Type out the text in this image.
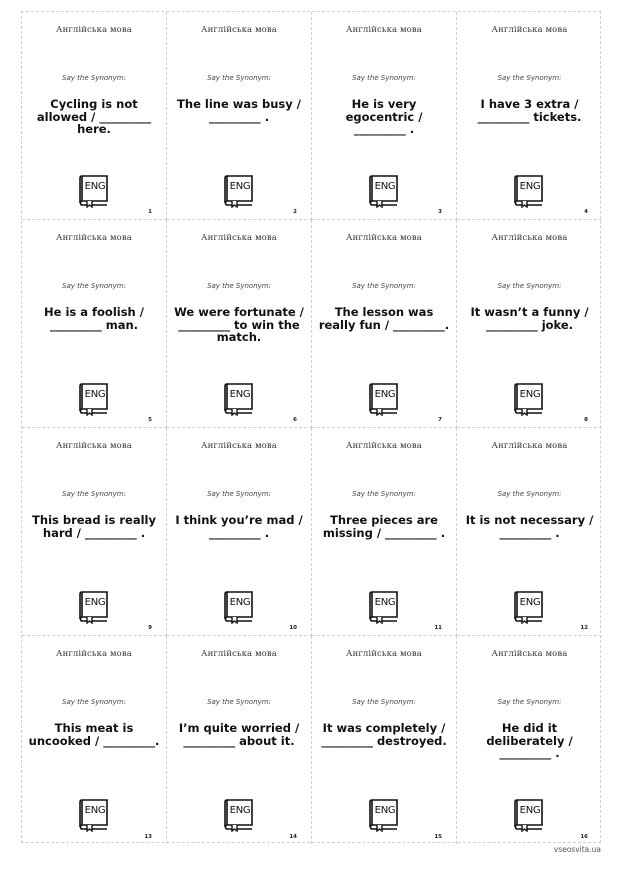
Англійська мова
Say the Synonym:
Cycling is not allowed / _________ here.
ENG
1
Англійська мова
Say the Synonym:
The line was busy / _________ .
ENG
2
Англійська мова
Say the Synonym:
He is very egocentric / _________ .
ENG
3
Англійська мова
Say the Synonym:
I have 3 extra / _________ tickets.
ENG
4
Англійська мова
Say the Synonym:
He is a foolish / _________ man.
ENG
5
Англійська мова
Say the Synonym:
We were fortunate / _________ to win the match.
ENG
6
Англійська мова
Say the Synonym:
The lesson was really fun / _________.
ENG
7
Англійська мова
Say the Synonym:
It wasn’t a funny / _________ joke.
ENG
8
Англійська мова
Say the Synonym:
This bread is really hard / _________ .
ENG
9
Англійська мова
Say the Synonym:
I think you’re mad / _________ .
ENG
10
Англійська мова
Say the Synonym:
Three pieces are missing / _________ .
ENG
11
Англійська мова
Say the Synonym:
It is not necessary / _________ .
ENG
12
Англійська мова
Say the Synonym:
This meat is uncooked / _________.
ENG
13
Англійська мова
Say the Synonym:
I’m quite worried / _________ about it.
ENG
14
Англійська мова
Say the Synonym:
It was completely / _________ destroyed.
ENG
15
Англійська мова
Say the Synonym:
He did it deliberately / _________ .
ENG
16
vseosvita.ua
